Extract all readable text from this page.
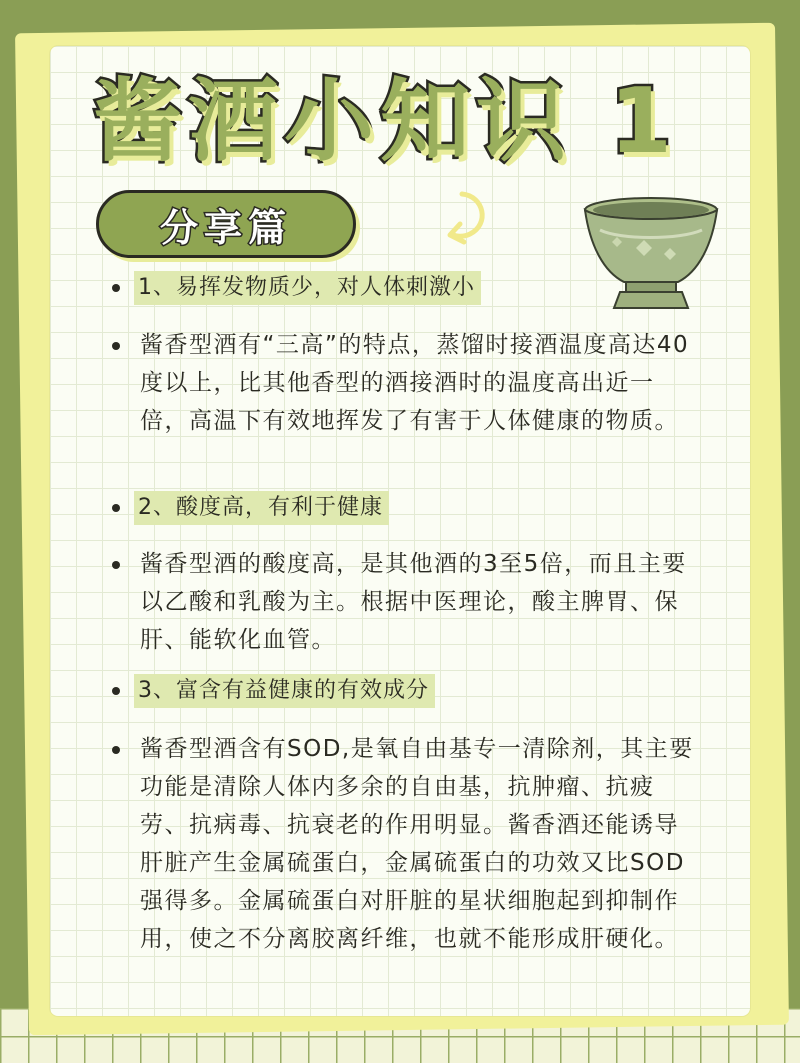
酱酒小知识 1
分享篇
1、易挥发物质少，对人体刺激小
酱香型酒有“三高”的特点，蒸馏时接酒温度高达40度以上，比其他香型的酒接酒时的温度高出近一倍，高温下有效地挥发了有害于人体健康的物质。
2、酸度高，有利于健康
酱香型酒的酸度高，是其他酒的3至5倍，而且主要以乙酸和乳酸为主。根据中医理论，酸主脾胃、保肝、能软化血管。
3、富含有益健康的有效成分
酱香型酒含有SOD,是氧自由基专一清除剂，其主要功能是清除人体内多余的自由基，抗肿瘤、抗疲劳、抗病毒、抗衰老的作用明显。酱香酒还能诱导肝脏产生金属硫蛋白，金属硫蛋白的功效又比SOD强得多。金属硫蛋白对肝脏的星状细胞起到抑制作用，使之不分离胶离纤维，也就不能形成肝硬化。
